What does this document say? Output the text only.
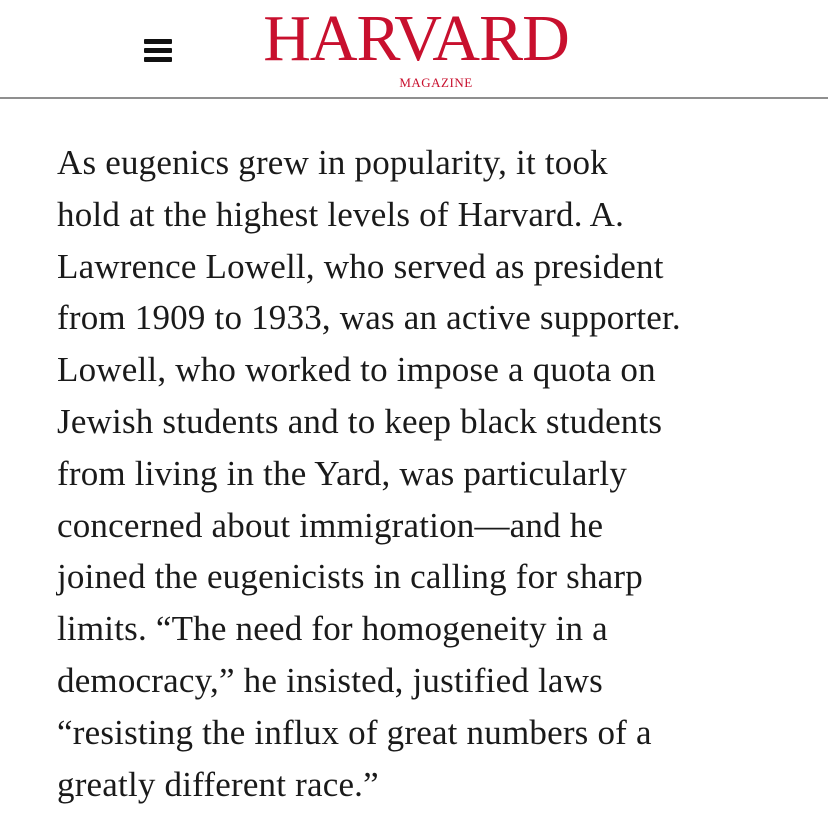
HARVARD
MAGAZINE

As eugenics grew in popularity, it took
hold at the highest levels of Harvard. A.
Lawrence Lowell, who served as president
from 1909 to 1933, was an active supporter.
Lowell, who worked to impose a quota on
Jewish students and to keep black students
from living in the Yard, was particularly
concerned about immigration—and he
joined the eugenicists in calling for sharp
limits. “The need for homogeneity in a
democracy,” he insisted, justified laws
“resisting the influx of great numbers of a
greatly different race.”
